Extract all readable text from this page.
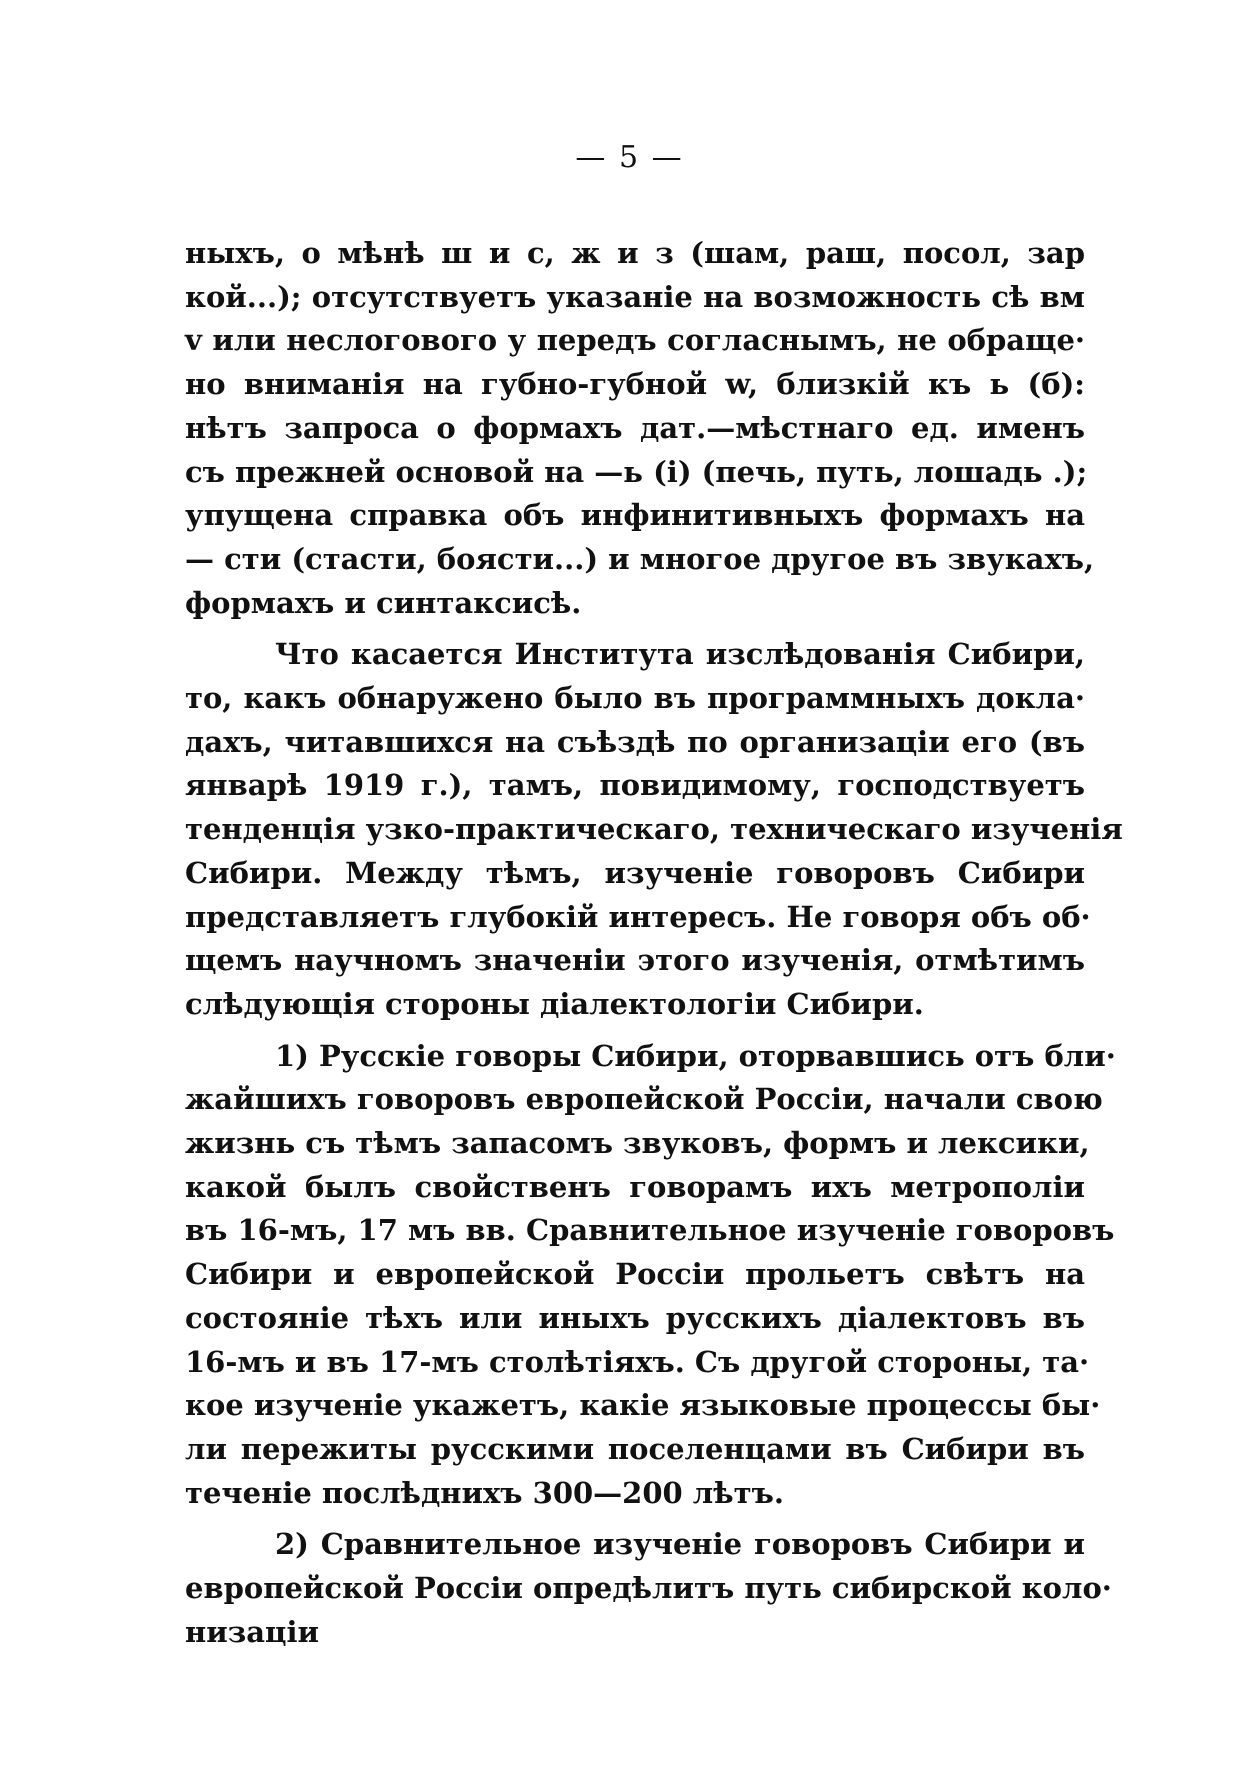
— 5 —
ныхъ, о мѣнѣ ш и с, ж и з (шам, раш, посол, зар
кой...); отсутствуетъ указаніе на возможность сѣ вм
v или неслогового у передъ согласнымъ, не обраще·
но вниманія на губно-губной w, близкій къ ь (б):
нѣтъ запроса о формахъ дат.—мѣстнаго ед. именъ
съ прежней основой на —ь (і) (печь, путь, лошадь .);
упущена справка объ инфинитивныхъ формахъ на
— сти (стасти, боясти...) и многое другое въ звукахъ,
формахъ и синтаксисѣ.
Что касается Института изслѣдованія Сибири,
то, какъ обнаружено было въ программныхъ докла·
дахъ, читавшихся на съѣздѣ по организаціи его (въ
январѣ 1919 г.), тамъ, повидимому, господствуетъ
тенденція узко-практическаго, техническаго изученія
Сибири. Между тѣмъ, изученіе говоровъ Сибири
представляетъ глубокій интересъ. Не говоря объ об·
щемъ научномъ значеніи этого изученія, отмѣтимъ
слѣдующія стороны діалектологіи Сибири.
1) Русскіе говоры Сибири, оторвавшись отъ бли·
жайшихъ говоровъ европейской Россіи, начали свою
жизнь съ тѣмъ запасомъ звуковъ, формъ и лексики,
какой былъ свойственъ говорамъ ихъ метрополіи
въ 16-мъ, 17 мъ вв. Сравнительное изученіе говоровъ
Сибири и европейской Россіи прольетъ свѣтъ на
состояніе тѣхъ или иныхъ русскихъ діалектовъ въ
16-мъ и въ 17-мъ столѣтіяхъ. Съ другой стороны, та·
кое изученіе укажетъ, какіе языковые процессы бы·
ли пережиты русскими поселенцами въ Сибири въ
теченіе послѣднихъ 300—200 лѣтъ.
2) Сравнительное изученіе говоровъ Сибири и
европейской Россіи опредѣлитъ путь сибирской коло·
низаціи
